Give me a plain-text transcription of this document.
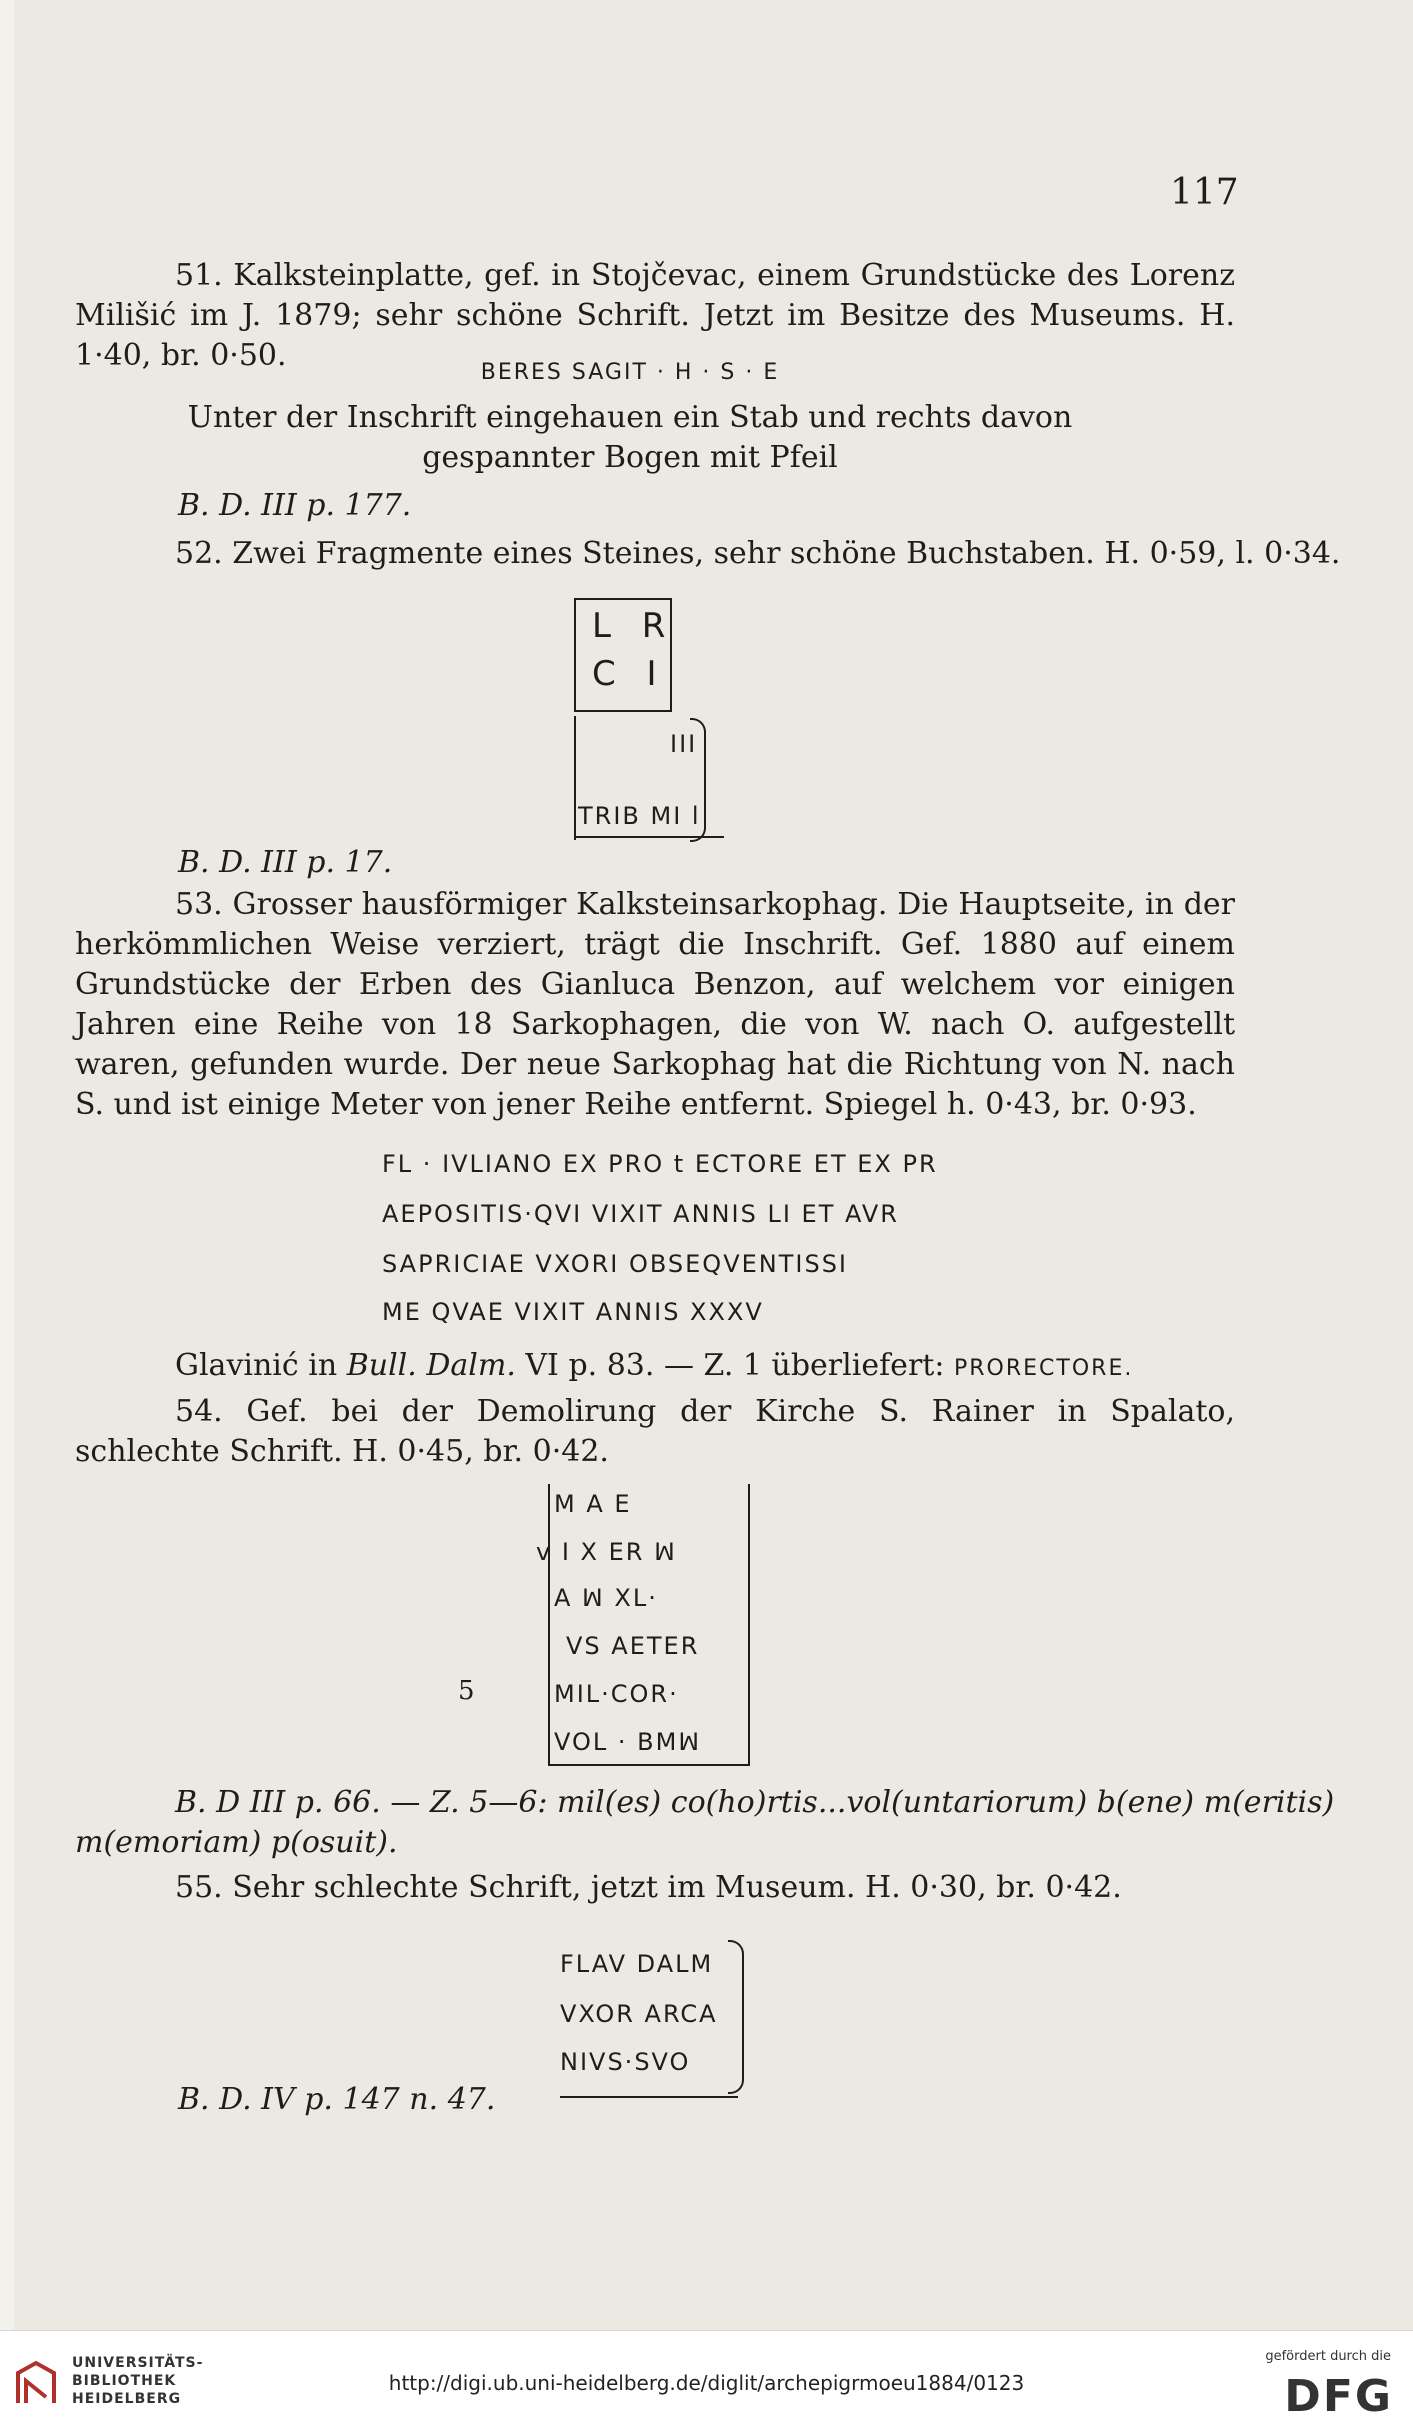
117

51. Kalksteinplatte, gef. in Stojčevac, einem Grundstücke des Lorenz Milišić im J. 1879; sehr schöne Schrift. Jetzt im Besitze des Museums. H. 1·40, br. 0·50.	BERES SAGIT · H · S · E
Unter der Inschrift eingehauen ein Stab und rechts davon
gespannter Bogen mit Pfeil
B. D. III p. 177.
52. Zwei Fragmente eines Steines, sehr schöne Buchstaben. H. 0·59, l. 0·34.
L R
C I
III
TRIB MI l
B. D. III p. 17.

53. Grosser hausförmiger Kalksteinsarkophag. Die Hauptseite, in der herkömmlichen Weise verziert, trägt die Inschrift. Gef. 1880 auf einem Grundstücke der Erben des Gianluca Benzon, auf welchem vor einigen Jahren eine Reihe von 18 Sarkophagen, die von W. nach O. aufgestellt waren, gefunden wurde. Der neue Sarkophag hat die Richtung von N. nach S. und ist einige Meter von jener Reihe entfernt. Spiegel h. 0·43, br. 0·93.

FL · IVLIANO EX PRO t ECTORE ET EX PR
AEPOSITIS·QVI VIXIT ANNIS LI ET AVR
SAPRICIAE VXORI OBSEQVENTISSI
ME QVAE VIXIT ANNIS XXXV
Glavinić in Bull. Dalm. VI p. 83. — Z. 1 überliefert: PRORECTORE.

54. Gef. bei der Demolirung der Kirche S. Rainer in Spalato, schlechte Schrift. H. 0·45, br. 0·42.

M A E
v I X ER ꟽ
A ꟽ XL·
VS AETER
5	MIL·COR·
VOL · BMꟽ
B. D III p. 66. — Z. 5—6: mil(es) co(ho)rtis...vol(untariorum) b(ene) m(eritis)
m(emoriam) p(osuit).
55. Sehr schlechte Schrift, jetzt im Museum. H. 0·30, br. 0·42.
FLAV DALM
VXOR ARCA
NIVS·SVO
B. D. IV p. 147 n. 47.
UNIVERSITÄTS-
BIBLIOTHEK
HEIDELBERG
http://digi.ub.uni-heidelberg.de/diglit/archepigrmoeu1884/0123
gefördert durch die
DFG
